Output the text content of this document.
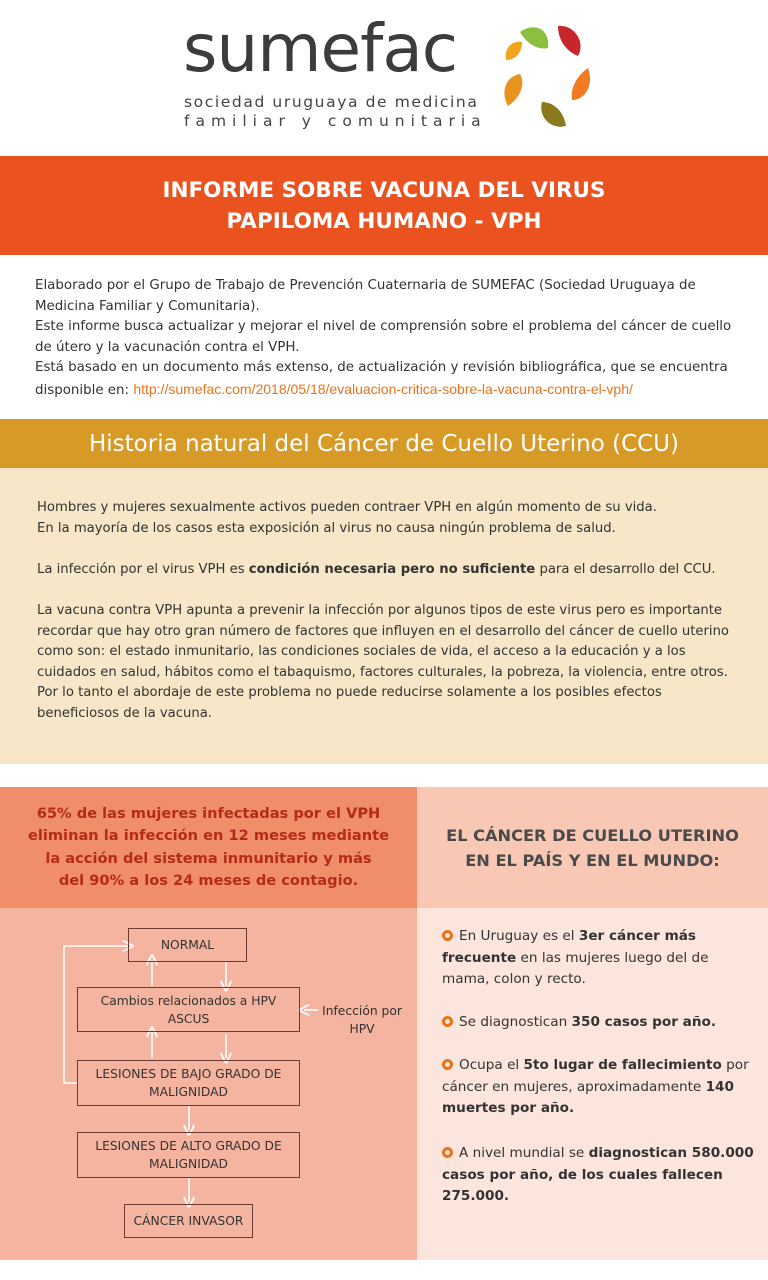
sumefac
sociedad uruguaya de medicina
familiar y comunitaria
INFORME SOBRE VACUNA DEL VIRUS
PAPILOMA HUMANO - VPH

Elaborado por el Grupo de Trabajo de Prevención Cuaternaria de SUMEFAC (Sociedad Uruguaya de Medicina Familiar y Comunitaria).

Este informe busca actualizar y mejorar el nivel de comprensión sobre el problema del cáncer de cuello de útero y la vacunación contra el VPH.

Está basado en un documento más extenso, de actualización y revisión bibliográfica, que se encuentra disponible en: http://sumefac.com/2018/05/18/evaluacion-critica-sobre-la-vacuna-contra-el-vph/

Historia natural del Cáncer de Cuello Uterino (CCU)

Hombres y mujeres sexualmente activos pueden contraer VPH en algún momento de su vida.

En la mayoría de los casos esta exposición al virus no causa ningún problema de salud.

La infección por el virus VPH es condición necesaria pero no suficiente para el desarrollo del CCU.

La vacuna contra VPH apunta a prevenir la infección por algunos tipos de este virus pero es importante recordar que hay otro gran número de factores que influyen en el desarrollo del cáncer de cuello uterino como son: el estado inmunitario, las condiciones sociales de vida, el acceso a la educación y a los cuidados en salud, hábitos como el tabaquismo, factores culturales, la pobreza, la violencia, entre otros.

Por lo tanto el abordaje de este problema no puede reducirse solamente a los posibles efectos beneficiosos de la vacuna.

65% de las mujeres infectadas por el VPH
eliminan la infección en 12 meses mediante
la acción del sistema inmunitario y más
del 90% a los 24 meses de contagio.
EL CÁNCER DE CUELLO UTERINO
EN EL PAÍS Y EN EL MUNDO:
NORMAL
Cambios relacionados a HPV
ASCUS
LESIONES DE BAJO GRADO DE
MALIGNIDAD
LESIONES DE ALTO GRADO DE
MALIGNIDAD
CÁNCER INVASOR
Infección por
HPV
En Uruguay es el 3er cáncer más frecuente en las mujeres luego del de mama, colon y recto.
Se diagnostican 350 casos por año.
Ocupa el 5to lugar de fallecimiento por cáncer en mujeres, aproximadamente 140 muertes por año.
A nivel mundial se diagnostican 580.000 casos por año, de los cuales fallecen 275.000.
